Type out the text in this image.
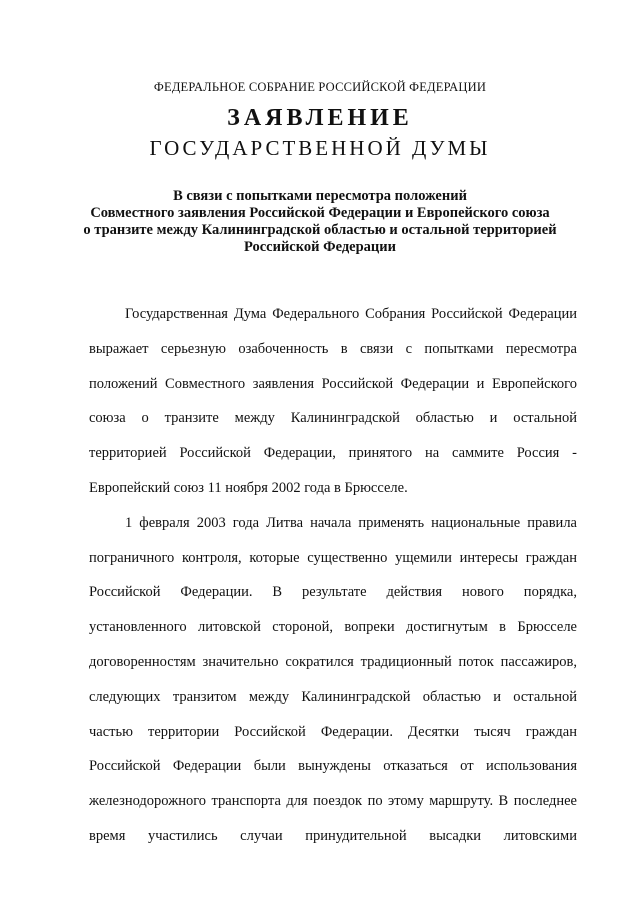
ФЕДЕРАЛЬНОЕ СОБРАНИЕ РОССИЙСКОЙ ФЕДЕРАЦИИ
ЗАЯВЛЕНИЕ
ГОСУДАРСТВЕННОЙ ДУМЫ
В связи с попытками пересмотра положений
Совместного заявления Российской Федерации и Европейского союза
о транзите между Калининградской областью и остальной территорией
Российской Федерации
Государственная Дума Федерального Собрания Российской Федерации
выражает серьезную озабоченность в связи с попытками пересмотра
положений Совместного заявления Российской Федерации и Европейского
союза о транзите между Калининградской областью и остальной
территорией Российской Федерации, принятого на саммите Россия -
Европейский союз 11 ноября 2002 года в Брюсселе.
1 февраля 2003 года Литва начала применять национальные правила
пограничного контроля, которые существенно ущемили интересы граждан
Российской Федерации. В результате действия нового порядка,
установленного литовской стороной, вопреки достигнутым в Брюсселе
договоренностям значительно сократился традиционный поток пассажиров,
следующих транзитом между Калининградской областью и остальной
частью территории Российской Федерации. Десятки тысяч граждан
Российской Федерации были вынуждены отказаться от использования
железнодорожного транспорта для поездок по этому маршруту. В последнее
время участились случаи принудительной высадки литовскими
